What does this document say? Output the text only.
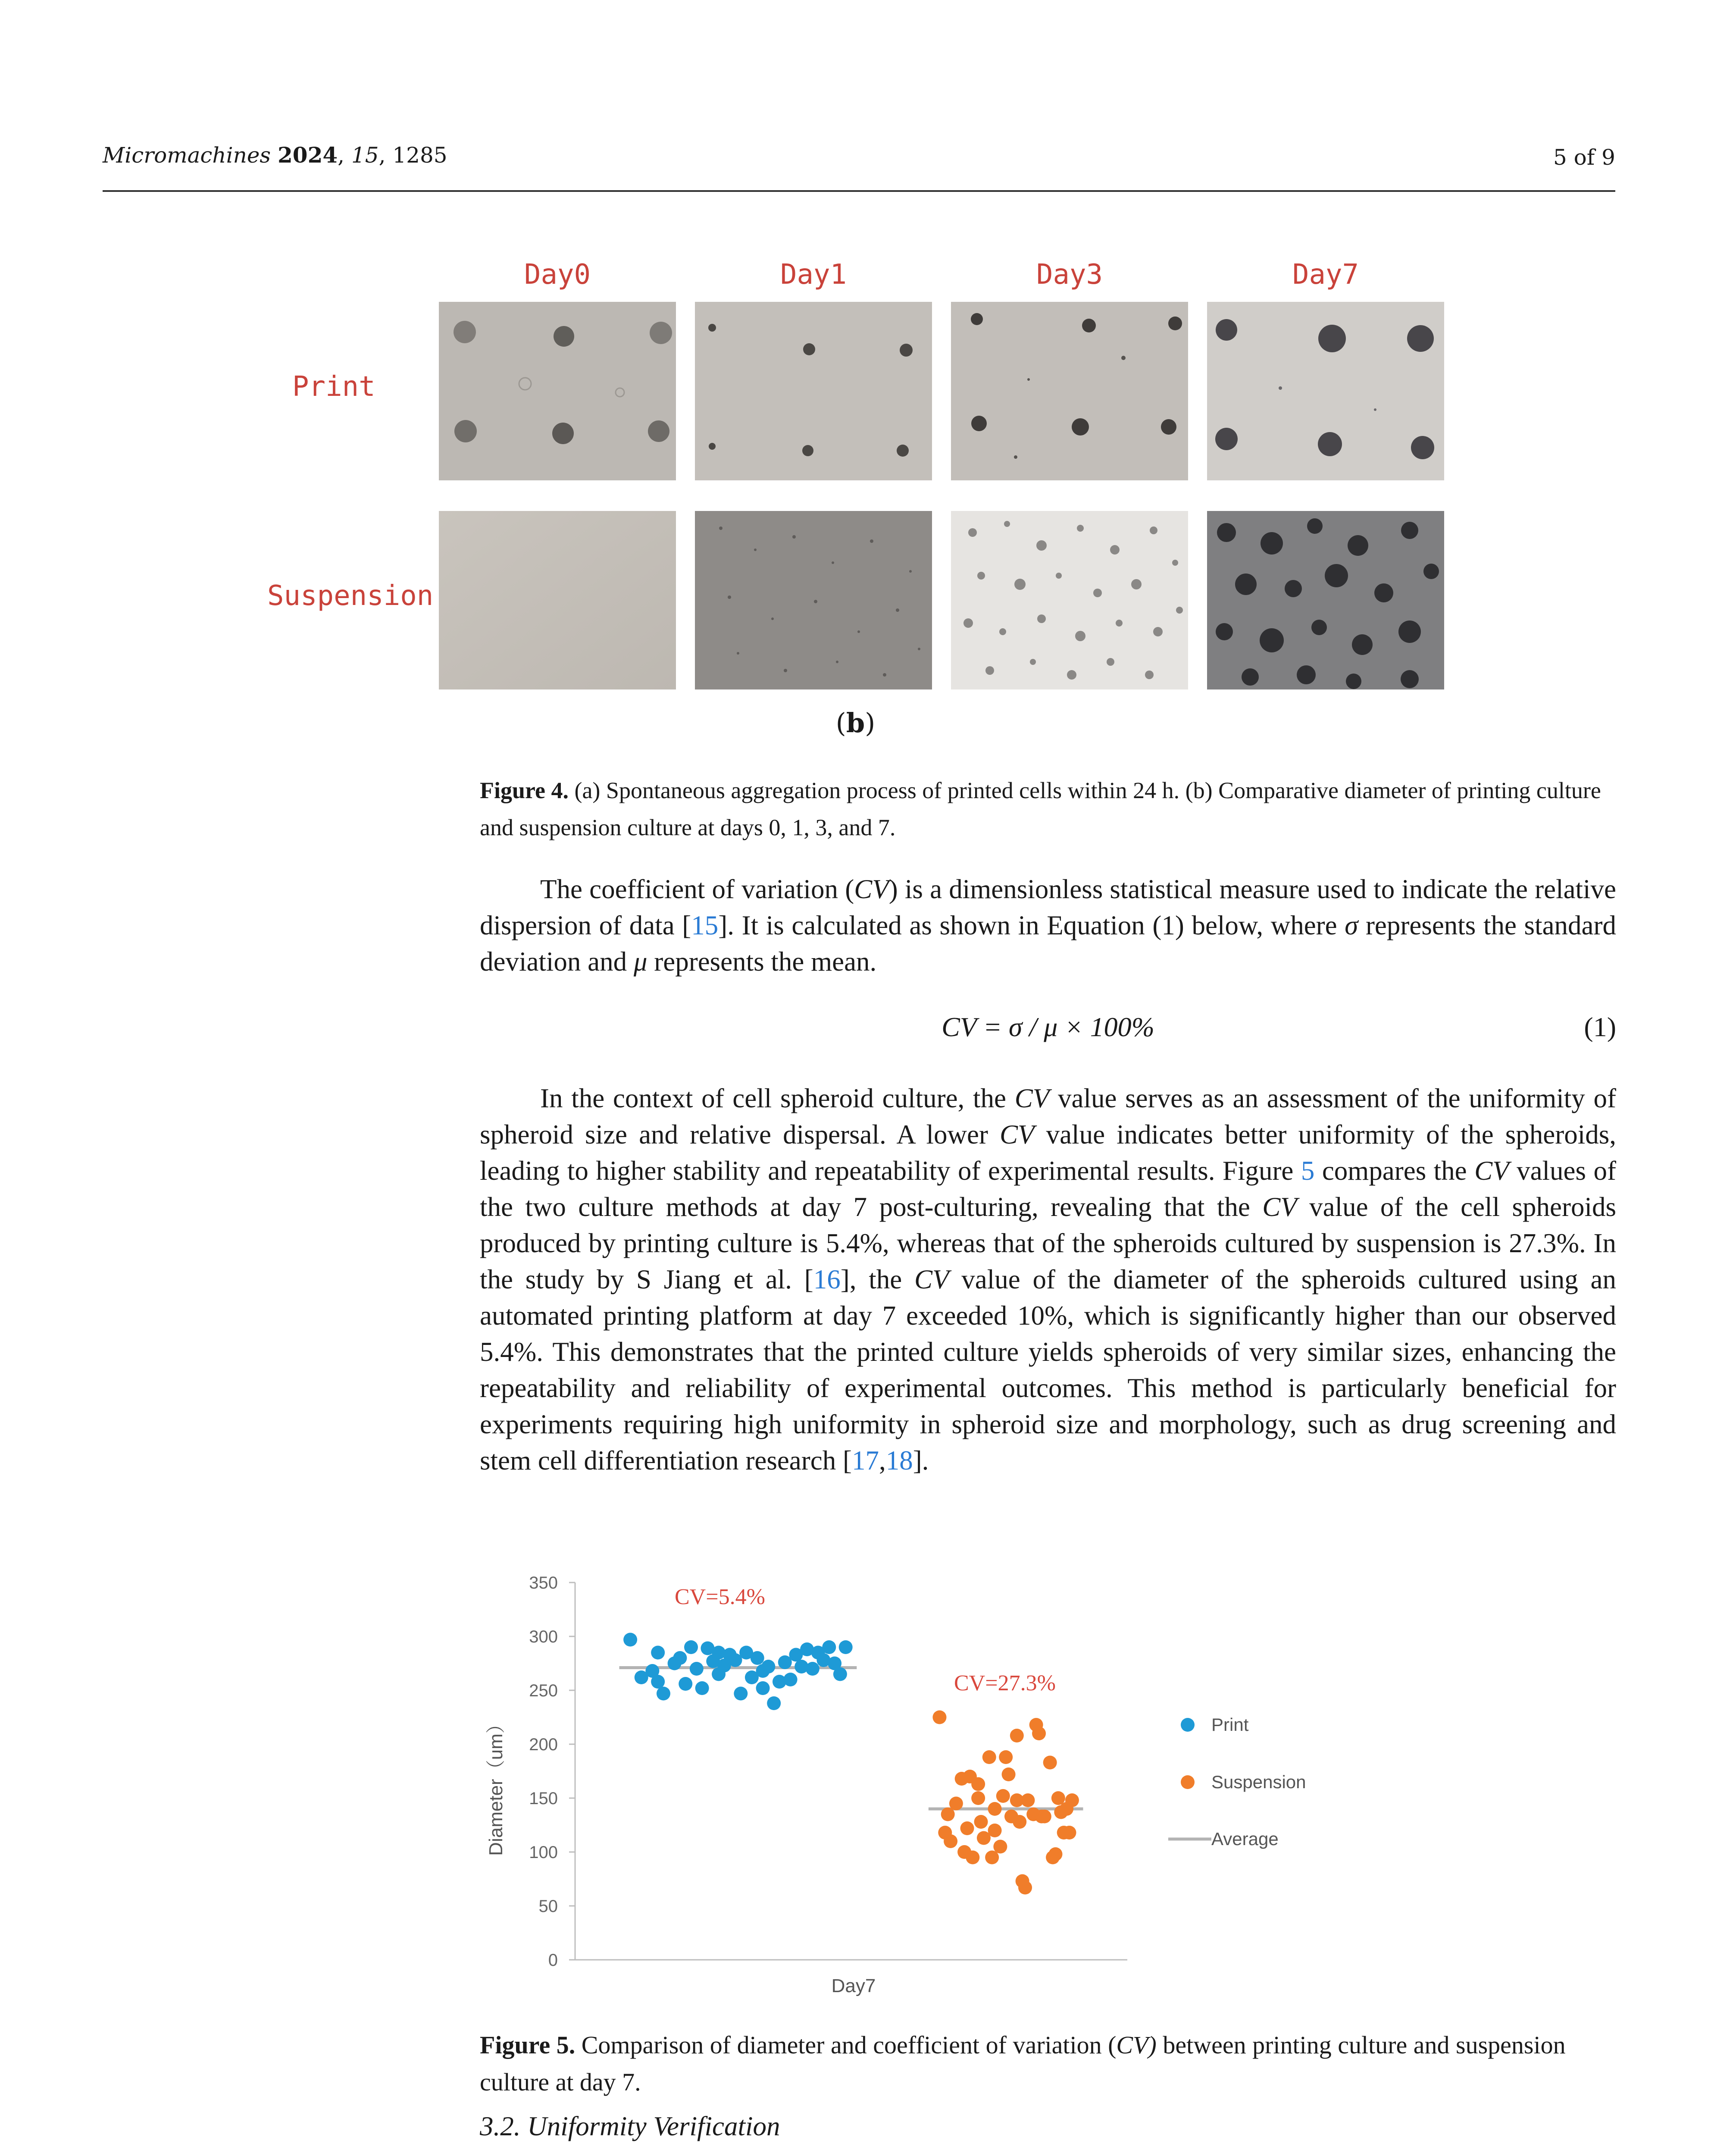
Micromachines 2024, 15, 1285	5 of 9
Day0	Day1	Day3	Day7
Print
Suspension
(b)
Figure 4. (a) Spontaneous aggregation process of printed cells within 24 h. (b) Comparative diameter of printing culture and suspension culture at days 0, 1, 3, and 7.

The coefficient of variation (CV) is a dimensionless statistical measure used to indicate the relative dispersion of data [15]. It is calculated as shown in Equation (1) below, where σ represents the standard deviation and μ represents the mean.

CV = σ / μ × 100%	(1)

In the context of cell spheroid culture, the CV value serves as an assessment of the uniformity of spheroid size and relative dispersal. A lower CV value indicates better uniformity of the spheroids, leading to higher stability and repeatability of experimental results. Figure 5 compares the CV values of the two culture methods at day 7 post-culturing, revealing that the CV value of the cell spheroids produced by printing culture is 5.4%, whereas that of the spheroids cultured by suspension is 27.3%. In the study by S Jiang et al. [16], the CV value of the diameter of the spheroids cultured using an automated printing platform at day 7 exceeded 10%, which is significantly higher than our observed 5.4%. This demonstrates that the printed culture yields spheroids of very similar sizes, enhancing the repeatability and reliability of experimental outcomes. This method is particularly beneficial for experiments requiring high uniformity in spheroid size and morphology, such as drug screening and stem cell differentiation research [17,18].

0
50
100
150
200
250
300
350
Day7
Diameter（um）
CV=5.4%
CV=27.3%
Print
Suspension
Average
Figure 5. Comparison of diameter and coefficient of variation (CV) between printing culture and suspension culture at day 7.
3.2. Uniformity Verification
